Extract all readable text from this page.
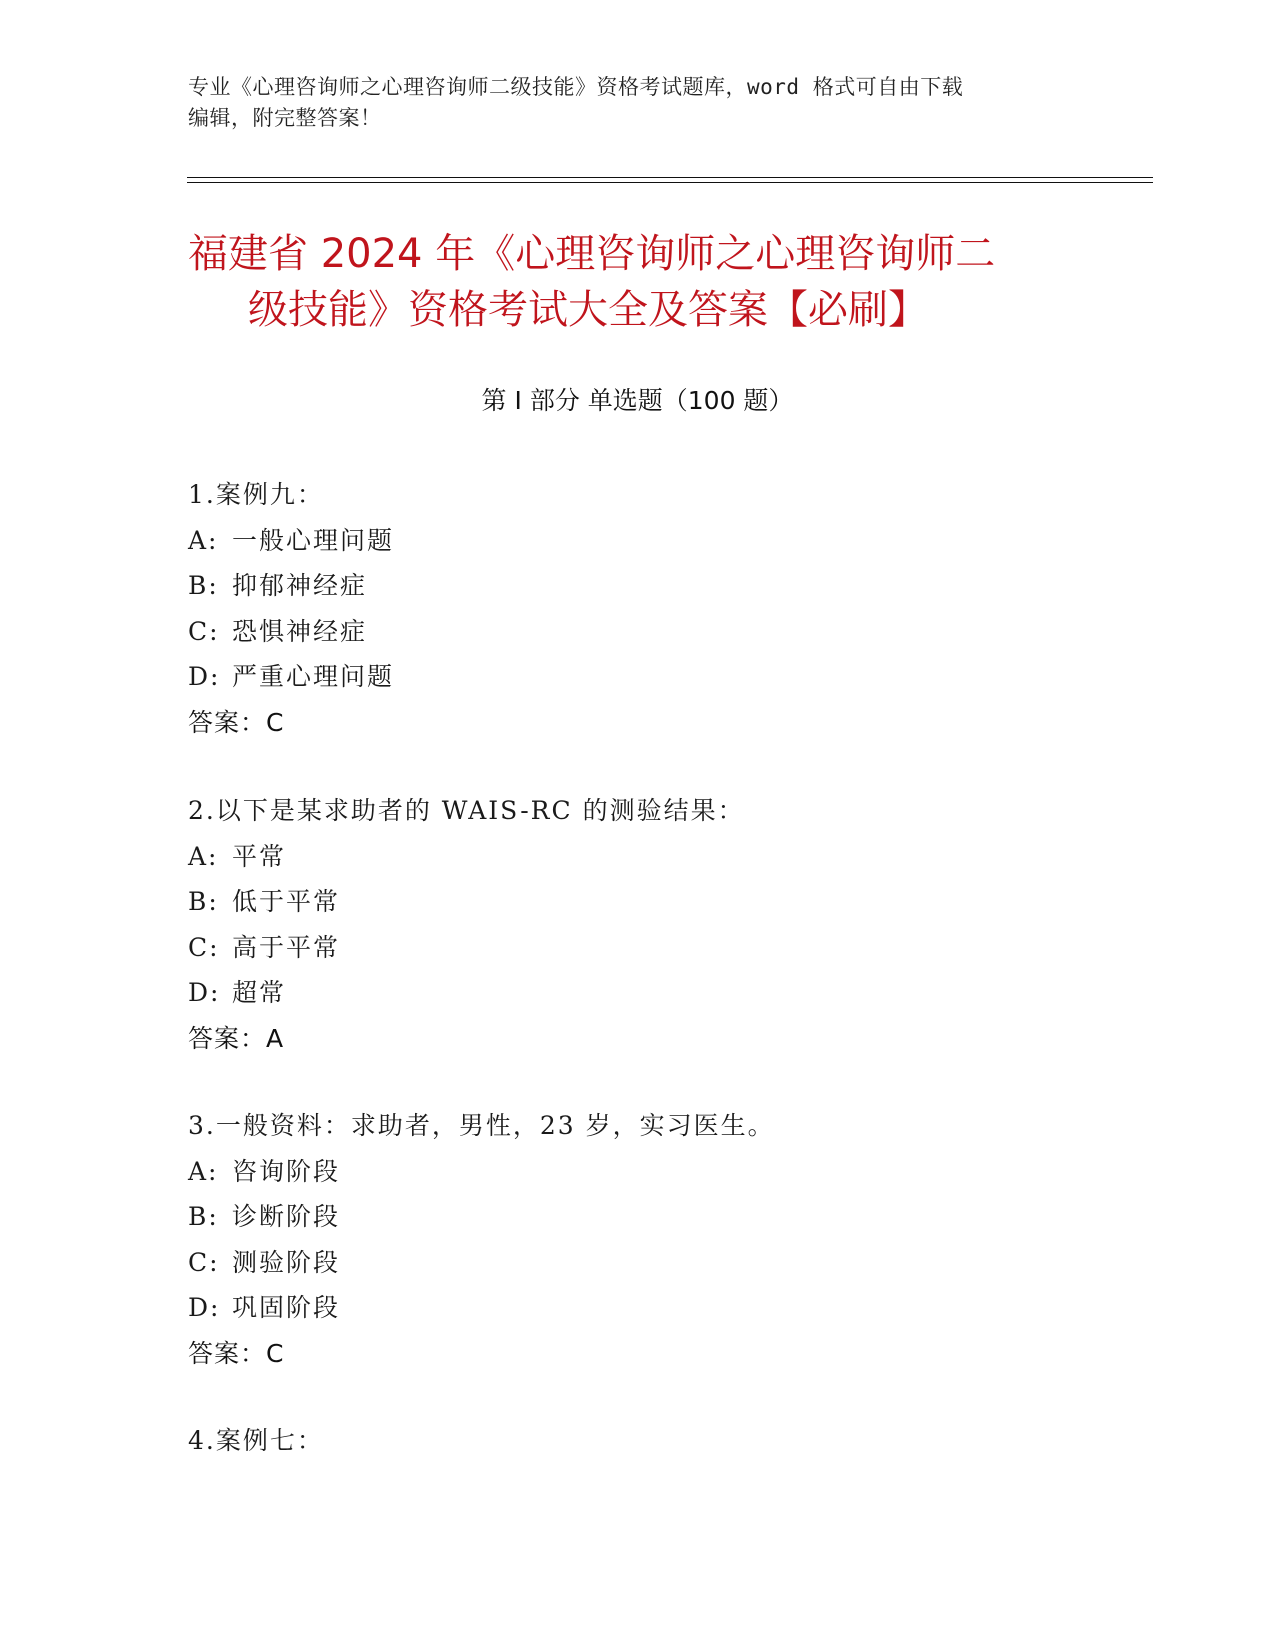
专业《心理咨询师之心理咨询师二级技能》资格考试题库，word 格式可自由下载
编辑，附完整答案！
福建省 2024 年《心理咨询师之心理咨询师二
级技能》资格考试大全及答案【必刷】
第 I 部分 单选题（100 题）
1.案例九：
A: 一般心理问题
B: 抑郁神经症
C: 恐惧神经症
D: 严重心理问题
答案：C
2.以下是某求助者的 WAIS-RC 的测验结果：
A: 平常
B: 低于平常
C: 高于平常
D: 超常
答案：A
3.一般资料：求助者，男性，23 岁，实习医生。
A: 咨询阶段
B: 诊断阶段
C: 测验阶段
D: 巩固阶段
答案：C
4.案例七：
